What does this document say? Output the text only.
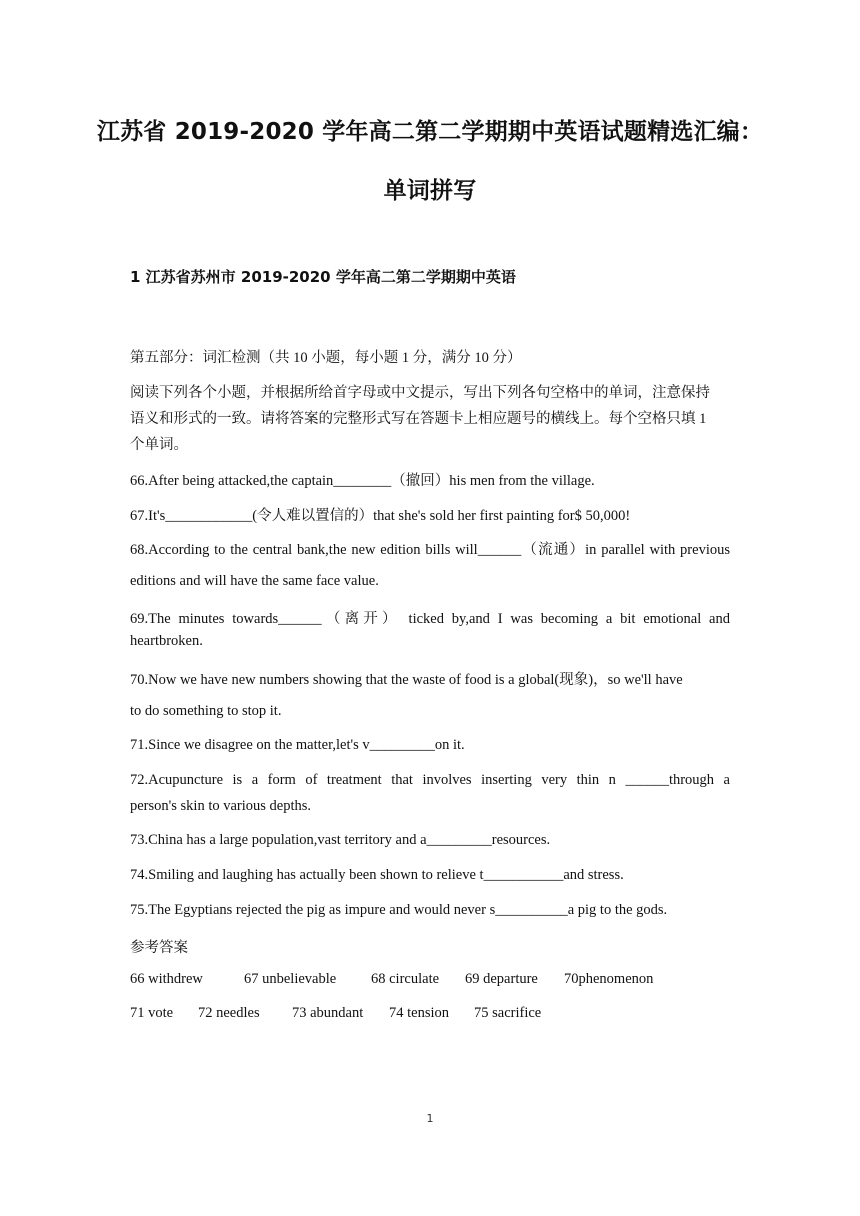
江苏省 2019-2020 学年高二第二学期期中英语试题精选汇编：
单词拼写
1 江苏省苏州市 2019-2020 学年高二第二学期期中英语
第五部分：词汇检测（共 10 小题，每小题 1 分，满分 10 分）
阅读下列各个小题，并根据所给首字母或中文提示，写出下列各句空格中的单词，注意保持
语义和形式的一致。请将答案的完整形式写在答题卡上相应题号的横线上。每个空格只填 1
个单词。
66.After being attacked,the captain________（撤回）his men from the village.
67.It's____________(令人难以置信的）that she's sold her first painting for$ 50,000!
68.According to the central bank,the new edition bills will______（流通）in parallel with previous
editions and will have the same face value.
69.The minutes towards______（离开） ticked by,and I was becoming a bit emotional and
heartbroken.
70.Now we have new numbers showing that the waste of food is a global(现象)，so we'll have
to do something to stop it.
71.Since we disagree on the matter,let's v_________on it.
72.Acupuncture is a form of treatment that involves inserting very thin n ______through a
person's skin to various depths.
73.China has a large population,vast territory and a_________resources.
74.Smiling and laughing has actually been shown to relieve t___________and stress.
75.The Egyptians rejected the pig as impure and would never s__________a pig to the gods.
参考答案
66 withdrew	67 unbelievable 68 circulate 69 departure 70phenomenon
71 vote 72 needles 73 abundant 74 tension 75 sacrifice
1
